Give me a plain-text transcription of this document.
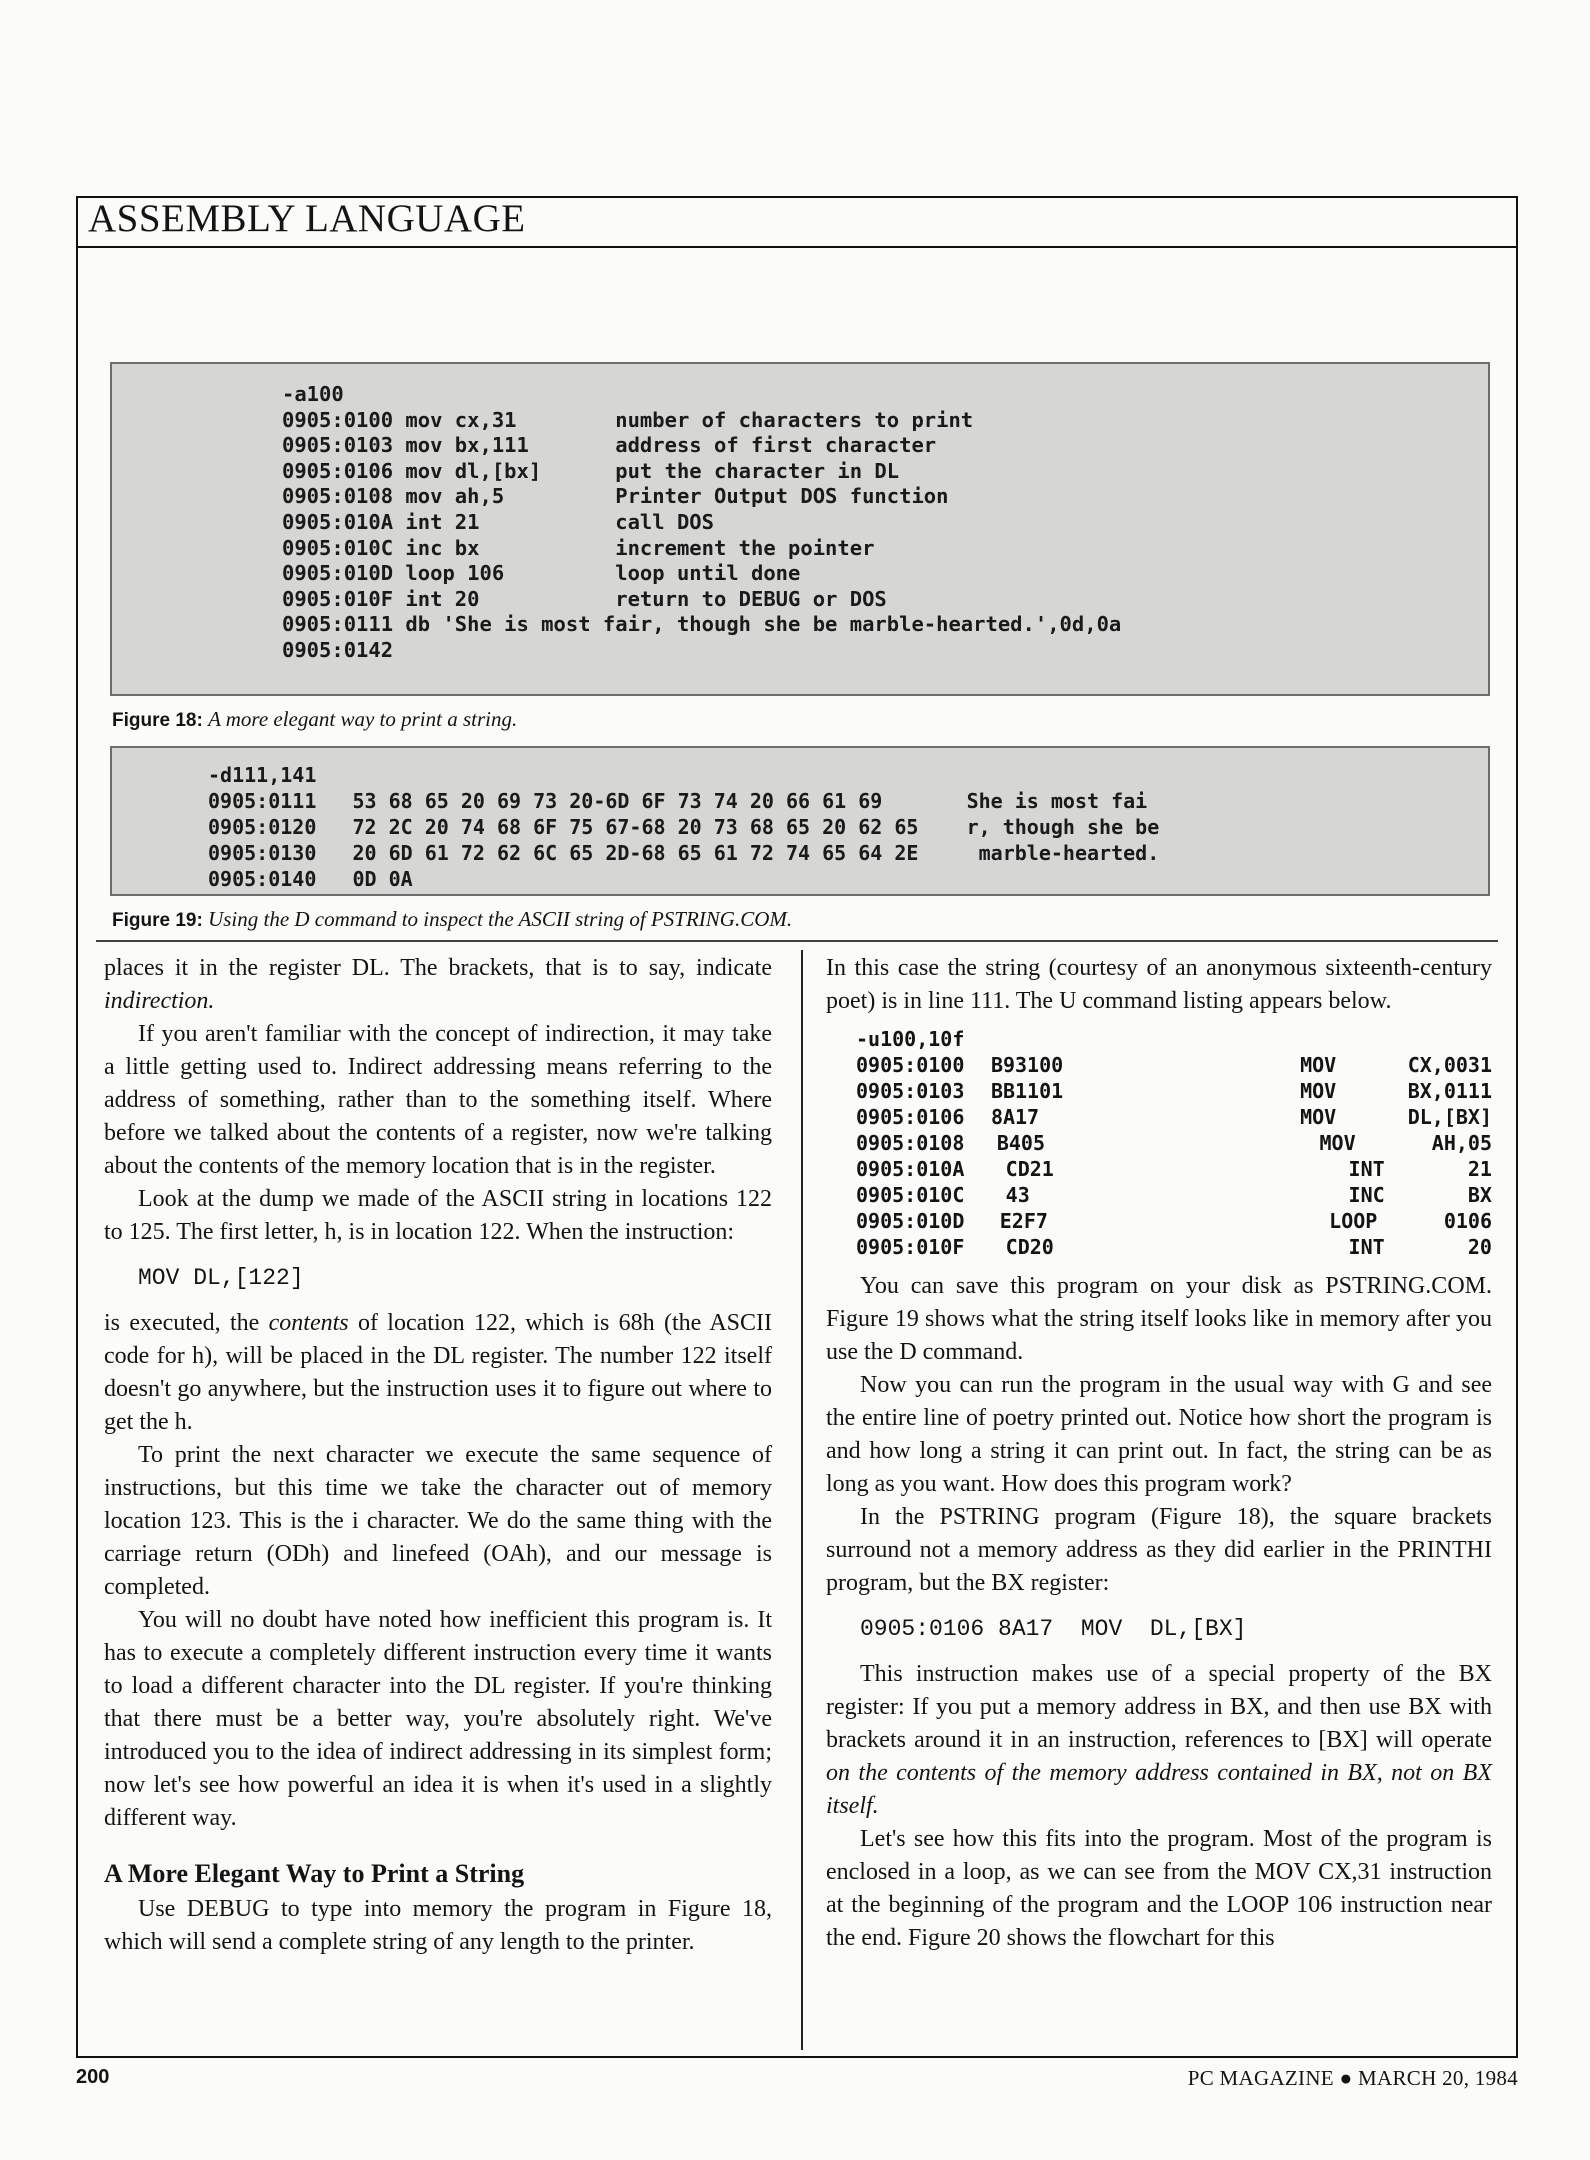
ASSEMBLY LANGUAGE
-a100
0905:0100 mov cx,31        number of characters to print
0905:0103 mov bx,111       address of first character
0905:0106 mov dl,[bx]      put the character in DL
0905:0108 mov ah,5         Printer Output DOS function
0905:010A int 21           call DOS
0905:010C inc bx           increment the pointer
0905:010D loop 106         loop until done
0905:010F int 20           return to DEBUG or DOS
0905:0111 db 'She is most fair, though she be marble-hearted.',0d,0a
0905:0142
Figure 18: A more elegant way to print a string.
-d111,141
0905:0111   53 68 65 20 69 73 20-6D 6F 73 74 20 66 61 69       She is most fai
0905:0120   72 2C 20 74 68 6F 75 67-68 20 73 68 65 20 62 65    r, though she be
0905:0130   20 6D 61 72 62 6C 65 2D-68 65 61 72 74 65 64 2E     marble-hearted.
0905:0140   0D 0A
Figure 19: Using the D command to inspect the ASCII string of PSTRING.COM.

places it in the register DL. The brackets, that is to say, indicate indirection.

If you aren't familiar with the concept of indirection, it may take a little getting used to. Indirect addressing means referring to the address of something, rather than to the something itself. Where before we talked about the contents of a register, now we're talking about the contents of the memory location that is in the register.

Look at the dump we made of the ASCII string in locations 122 to 125. The first letter, h, is in location 122. When the instruction:

MOV DL,[122]

is executed, the contents of location 122, which is 68h (the ASCII code for h), will be placed in the DL register. The number 122 itself doesn't go anywhere, but the instruction uses it to figure out where to get the h.

To print the next character we execute the same sequence of instructions, but this time we take the character out of memory location 123. This is the i character. We do the same thing with the carriage return (ODh) and linefeed (OAh), and our message is completed.

You will no doubt have noted how inefficient this program is. It has to execute a completely different instruction every time it wants to load a different character into the DL register. If you're thinking that there must be a better way, you're absolutely right. We've introduced you to the idea of indirect addressing in its simplest form; now let's see how powerful an idea it is when it's used in a slightly different way.

A More Elegant Way to Print a String

Use DEBUG to type into memory the program in Figure 18, which will send a complete string of any length to the printer.

In this case the string (courtesy of an anonymous sixteenth-century poet) is in line 111. The U command listing appears below.

-u100,10f
0905:0100	B93100	MOV	CX,0031
0905:0103	BB1101	MOV	BX,0111
0905:0106	8A17	MOV	DL,[BX]
0905:0108	B405	MOV	AH,05
0905:010A	CD21	INT	21
0905:010C	43	INC	BX
0905:010D	E2F7	LOOP	0106
0905:010F	CD20	INT	20

You can save this program on your disk as PSTRING.COM. Figure 19 shows what the string itself looks like in memory after you use the D command.

Now you can run the program in the usual way with G and see the entire line of poetry printed out. Notice how short the program is and how long a string it can print out. In fact, the string can be as long as you want. How does this program work?

In the PSTRING program (Figure 18), the square brackets surround not a memory address as they did earlier in the PRINTHI program, but the BX register:

0905:0106 8A17  MOV  DL,[BX]

This instruction makes use of a special property of the BX register: If you put a memory address in BX, and then use BX with brackets around it in an instruction, references to [BX] will operate on the contents of the memory address contained in BX, not on BX itself.

Let's see how this fits into the program. Most of the program is enclosed in a loop, as we can see from the MOV CX,31 instruction at the beginning of the program and the LOOP 106 instruction near the end. Figure 20 shows the flowchart for this

200	PC MAGAZINE ● MARCH 20, 1984
